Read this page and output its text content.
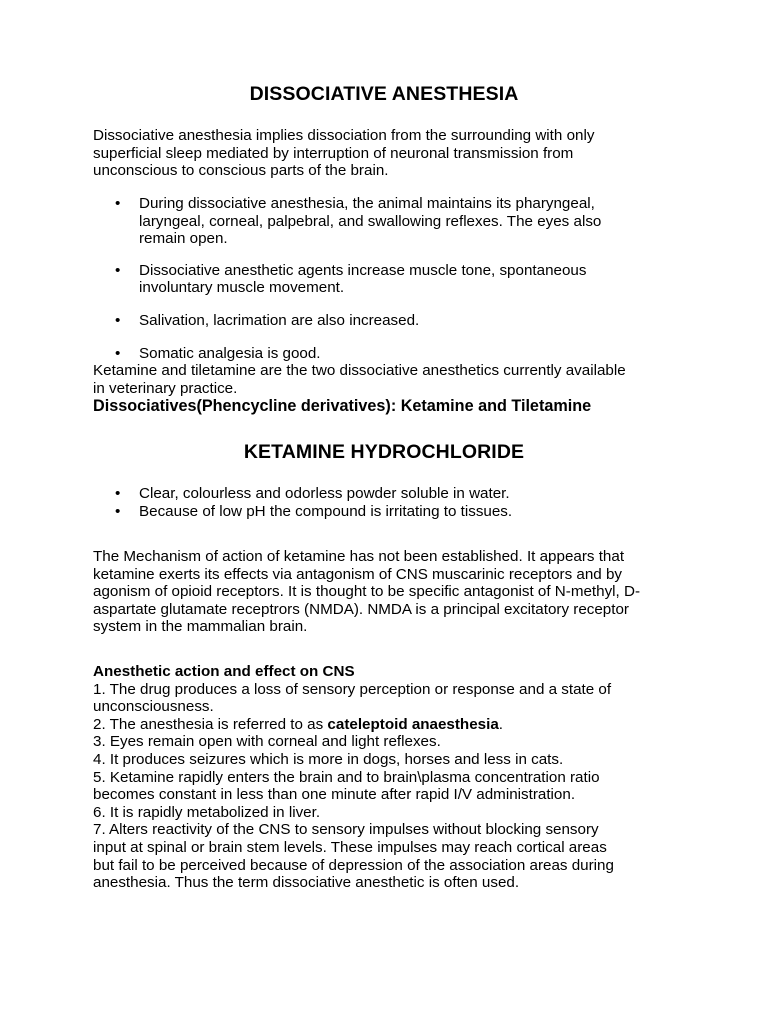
DISSOCIATIVE ANESTHESIA

Dissociative anesthesia implies dissociation from the surrounding with only
superficial sleep mediated by interruption of neuronal transmission from
unconscious to conscious parts of the brain.

• During dissociative anesthesia, the animal maintains its pharyngeal,
laryngeal, corneal, palpebral, and swallowing reflexes. The eyes also
remain open.
• Dissociative anesthetic agents increase muscle tone, spontaneous
involuntary muscle movement.
• Salivation, lacrimation are also increased.
• Somatic analgesia is good.

Ketamine and tiletamine are the two dissociative anesthetics currently available
in veterinary practice.

Dissociatives(Phencycline derivatives): Ketamine and Tiletamine

KETAMINE HYDROCHLORIDE
• Clear, colourless and odorless powder soluble in water.
• Because of low pH the compound is irritating to tissues.

The Mechanism of action of ketamine has not been established. It appears that
ketamine exerts its effects via antagonism of CNS muscarinic receptors and by
agonism of opioid receptors. It is thought to be specific antagonist of N-methyl, D-
aspartate glutamate receptrors (NMDA). NMDA is a principal excitatory receptor
system in the mammalian brain.

Anesthetic action and effect on CNS
1. The drug produces a loss of sensory perception or response and a state of
unconsciousness.
2. The anesthesia is referred to as cateleptoid anaesthesia.
3. Eyes remain open with corneal and light reflexes.
4. It produces seizures which is more in dogs, horses and less in cats.
5. Ketamine rapidly enters the brain and to brain\plasma concentration ratio
becomes constant in less than one minute after rapid I/V administration.
6. It is rapidly metabolized in liver.
7. Alters reactivity of the CNS to sensory impulses without blocking sensory
input at spinal or brain stem levels. These impulses may reach cortical areas
but fail to be perceived because of depression of the association areas during
anesthesia. Thus the term dissociative anesthetic is often used.
